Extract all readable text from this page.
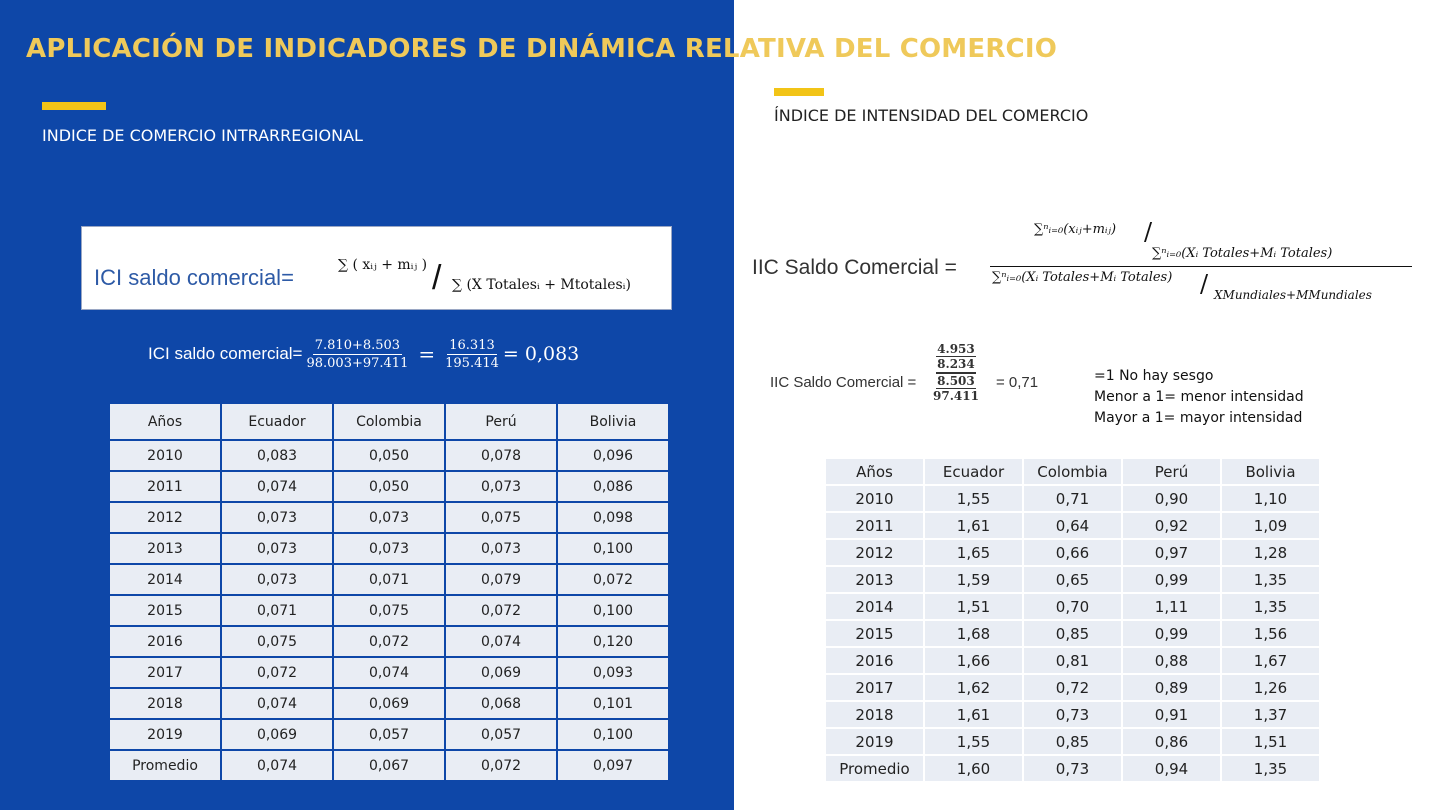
APLICACIÓN DE INDICADORES DE DINÁMICA RELATIVA DEL COMERCIO
INDICE DE COMERCIO INTRARREGIONAL
ÍNDICE DE INTENSIDAD DEL COMERCIO
ICI saldo comercial=	∑ ( xᵢⱼ + mᵢⱼ ) / ∑ (X Totalesᵢ + Mtotalesᵢ)
ICI saldo comercial= $\frac{7.810+8.503}{98.003+97.411} = \frac{16.313}{195.414} = 0,083$
Años	Ecuador	Colombia	Perú	Bolivia
2010	0,083	0,050	0,078	0,096
2011	0,074	0,050	0,073	0,086
2012	0,073	0,073	0,075	0,098
2013	0,073	0,073	0,073	0,100
2014	0,073	0,071	0,079	0,072
2015	0,071	0,075	0,072	0,100
2016	0,075	0,072	0,074	0,120
2017	0,072	0,074	0,069	0,093
2018	0,074	0,069	0,068	0,101
2019	0,069	0,057	0,057	0,100
Promedio	0,074	0,067	0,072	0,097
IIC Saldo Comercial =
∑ⁿᵢ₌₀(xᵢⱼ+mᵢⱼ) /
∑ⁿᵢ₌₀(Xᵢ Totales+Mᵢ Totales)
∑ⁿᵢ₌₀(Xᵢ Totales+Mᵢ Totales) / XMundiales+MMundiales
IIC Saldo Comercial =
4.953
8.234
8.503
97.411
= 0,71	=1 No hay sesgo
Menor a 1= menor intensidad
Mayor a 1= mayor intensidad
Años	Ecuador	Colombia	Perú	Bolivia
2010	1,55	0,71	0,90	1,10
2011	1,61	0,64	0,92	1,09
2012	1,65	0,66	0,97	1,28
2013	1,59	0,65	0,99	1,35
2014	1,51	0,70	1,11	1,35
2015	1,68	0,85	0,99	1,56
2016	1,66	0,81	0,88	1,67
2017	1,62	0,72	0,89	1,26
2018	1,61	0,73	0,91	1,37
2019	1,55	0,85	0,86	1,51
Promedio	1,60	0,73	0,94	1,35
